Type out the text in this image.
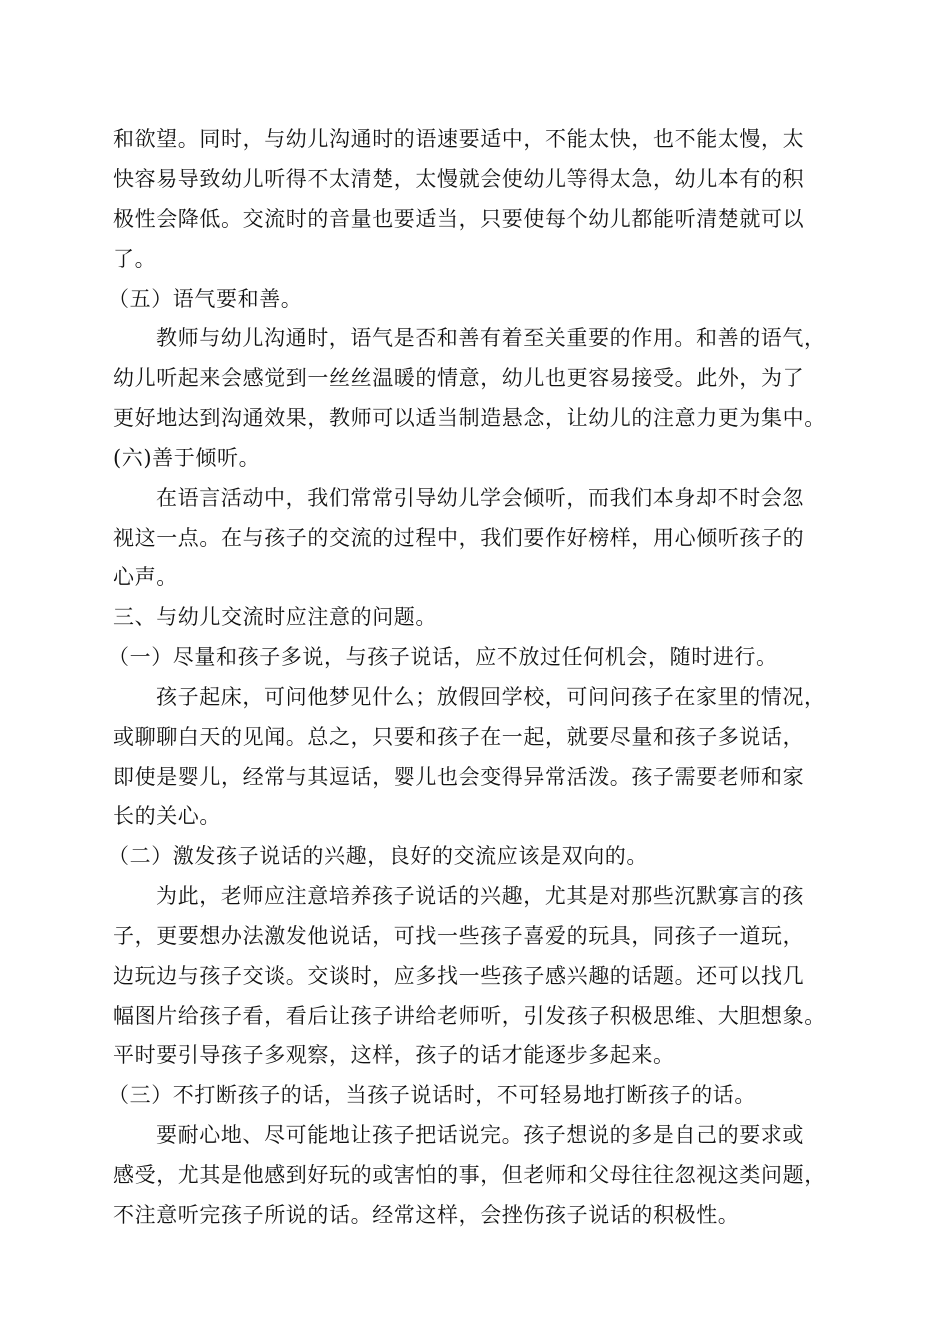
和欲望。同时，与幼儿沟通时的语速要适中，不能太快，也不能太慢，太

快容易导致幼儿听得不太清楚，太慢就会使幼儿等得太急，幼儿本有的积

极性会降低。交流时的音量也要适当，只要使每个幼儿都能听清楚就可以

了。

（五）语气要和善。

教师与幼儿沟通时，语气是否和善有着至关重要的作用。和善的语气，

幼儿听起来会感觉到一丝丝温暖的情意，幼儿也更容易接受。此外，为了

更好地达到沟通效果，教师可以适当制造悬念，让幼儿的注意力更为集中。

(六)善于倾听。

在语言活动中，我们常常引导幼儿学会倾听，而我们本身却不时会忽

视这一点。在与孩子的交流的过程中，我们要作好榜样，用心倾听孩子的

心声。

三、与幼儿交流时应注意的问题。

（一）尽量和孩子多说，与孩子说话，应不放过任何机会，随时进行。

孩子起床，可问他梦见什么；放假回学校，可问问孩子在家里的情况，

或聊聊白天的见闻。总之，只要和孩子在一起，就要尽量和孩子多说话，

即使是婴儿，经常与其逗话，婴儿也会变得异常活泼。孩子需要老师和家

长的关心。

（二）激发孩子说话的兴趣，良好的交流应该是双向的。

为此，老师应注意培养孩子说话的兴趣，尤其是对那些沉默寡言的孩

子，更要想办法激发他说话，可找一些孩子喜爱的玩具，同孩子一道玩，

边玩边与孩子交谈。交谈时，应多找一些孩子感兴趣的话题。还可以找几

幅图片给孩子看，看后让孩子讲给老师听，引发孩子积极思维、大胆想象。

平时要引导孩子多观察，这样，孩子的话才能逐步多起来。

（三）不打断孩子的话，当孩子说话时，不可轻易地打断孩子的话。

要耐心地、尽可能地让孩子把话说完。孩子想说的多是自己的要求或

感受，尤其是他感到好玩的或害怕的事，但老师和父母往往忽视这类问题，

不注意听完孩子所说的话。经常这样，会挫伤孩子说话的积极性。
